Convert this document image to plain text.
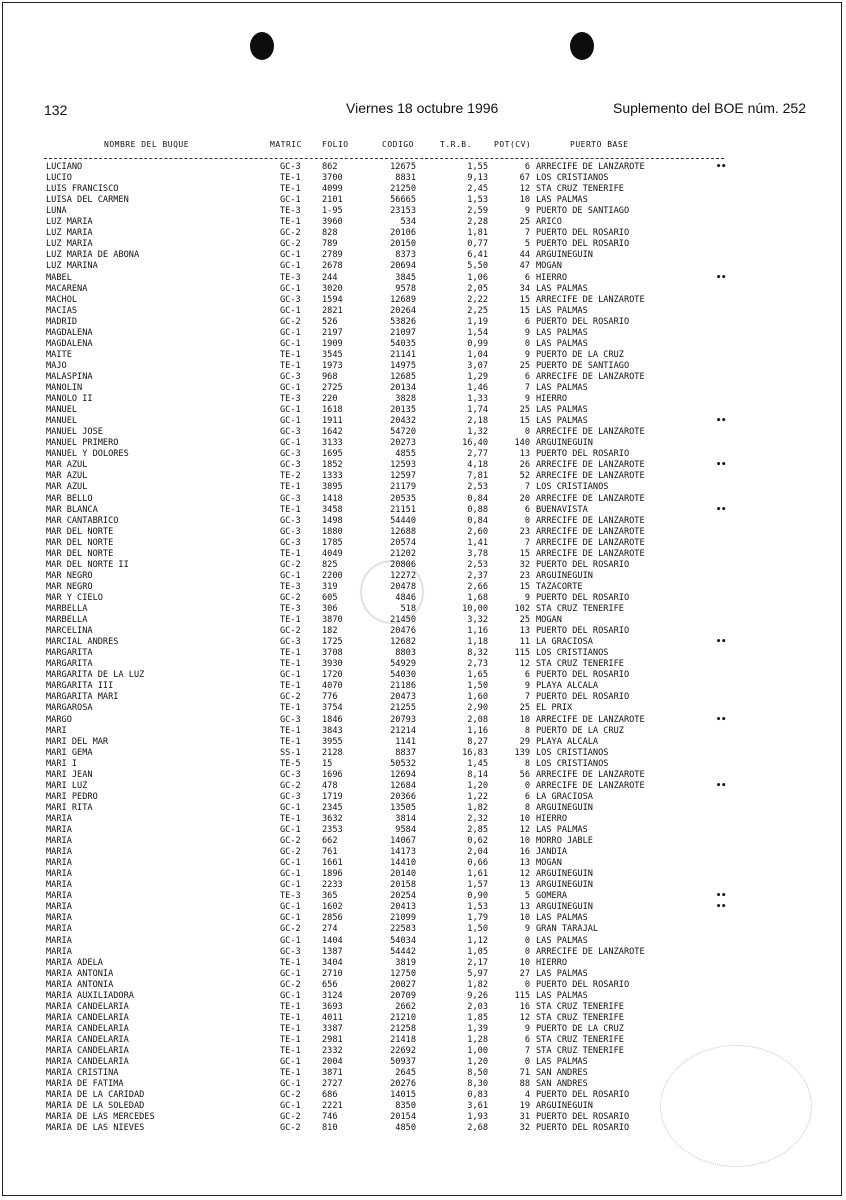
132	Viernes 18 octubre 1996	Suplemento del BOE núm. 252
NOMBRE DEL BUQUE	MATRIC	FOLIO	CODIGO	T.R.B.	POT(CV)	PUERTO BASE
LUCIANO	GC-3 862	12675	1,55	6 ARRECIFE DE LANZAROTE	••
LUCIO	TE-1 3700	8831	9,13	67 LOS CRISTIANOS
LUIS FRANCISCO	TE-1 4099	21250	2,45	12 STA CRUZ TENERIFE
LUISA DEL CARMEN	GC-1 2101	56665	1,53	10 LAS PALMAS
LUNA	TE-3 1-95	23153	2,59	9 PUERTO DE SANTIAGO
LUZ MARIA	TE-1 3960	534	2,28	25 ARICO
LUZ MARIA	GC-2 828	20106	1,81	7 PUERTO DEL ROSARIO
LUZ MARIA	GC-2 789	20150	0,77	5 PUERTO DEL ROSARIO
LUZ MARIA DE ABONA	GC-1 2789	8373	6,41	44 ARGUINEGUIN
LUZ MARINA	GC-1 2678	20694	5,50	47 MOGAN
MABEL	TE-3 244	3845	1,06	6 HIERRO	••
MACARENA	GC-1 3020	9578	2,05	34 LAS PALMAS
MACHOL	GC-3 1594	12689	2,22	15 ARRECIFE DE LANZAROTE
MACIAS	GC-1 2821	20264	2,25	15 LAS PALMAS
MADRID	GC-2 526	53826	1,19	6 PUERTO DEL ROSARIO
MAGDALENA	GC-1 2197	21097	1,54	9 LAS PALMAS
MAGDALENA	GC-1 1909	54035	0,99	0 LAS PALMAS
MAITE	TE-1 3545	21141	1,04	9 PUERTO DE LA CRUZ
MAJO	TE-1 1973	14975	3,07	25 PUERTO DE SANTIAGO
MALASPINA	GC-3 968	12685	1,29	6 ARRECIFE DE LANZAROTE
MANOLIN	GC-1 2725	20134	1,46	7 LAS PALMAS
MANOLO II	TE-3 220	3828	1,33	9 HIERRO
MANUEL	GC-1 1618	20135	1,74	25 LAS PALMAS
MANUEL	GC-1 1911	20432	2,18	15 LAS PALMAS	••
MANUEL JOSE	GC-3 1642	54720	1,32	0 ARRECIFE DE LANZAROTE
MANUEL PRIMERO	GC-1 3133	20273	16,40	140 ARGUINEGUIN
MANUEL Y DOLORES	GC-3 1695	4855	2,77	13 PUERTO DEL ROSARIO
MAR AZUL	GC-3 1852	12593	4,18	26 ARRECIFE DE LANZAROTE	••
MAR AZUL	TE-2 1333	12597	7,81	52 ARRECIFE DE LANZAROTE
MAR AZUL	TE-1 3895	21179	2,53	7 LOS CRISTIANOS
MAR BELLO	GC-3 1418	20535	0,84	20 ARRECIFE DE LANZAROTE
MAR BLANCA	TE-1 3458	21151	0,88	6 BUENAVISTA	••
MAR CANTABRICO	GC-3 1498	54440	0,84	0 ARRECIFE DE LANZAROTE
MAR DEL NORTE	GC-3 1880	12688	2,60	23 ARRECIFE DE LANZAROTE
MAR DEL NORTE	GC-3 1785	20574	1,41	7 ARRECIFE DE LANZAROTE
MAR DEL NORTE	TE-1 4049	21202	3,78	15 ARRECIFE DE LANZAROTE
MAR DEL NORTE II	GC-2 825	20806	2,53	32 PUERTO DEL ROSARIO
MAR NEGRO	GC-1 2200	12272	2,37	23 ARGUINEGUIN
MAR NEGRO	TE-3 319	20478	2,66	15 TAZACORTE
MAR Y CIELO	GC-2 605	4846	1,68	9 PUERTO DEL ROSARIO
MARBELLA	TE-3 306	518	10,00	102 STA CRUZ TENERIFE
MARBELLA	TE-1 3870	21450	3,32	25 MOGAN
MARCELINA	GC-2 182	20476	1,16	13 PUERTO DEL ROSARIO
MARCIAL ANDRES	GC-3 1725	12682	1,18	11 LA GRACIOSA	••
MARGARITA	TE-1 3708	8803	8,32	115 LOS CRISTIANOS
MARGARITA	TE-1 3930	54929	2,73	12 STA CRUZ TENERIFE
MARGARITA DE LA LUZ	GC-1 1720	54030	1,65	6 PUERTO DEL ROSARIO
MARGARITA III	TE-1 4070	21186	1,50	9 PLAYA ALCALA
MARGARITA MARI	GC-2 776	20473	1,60	7 PUERTO DEL ROSARIO
MARGAROSA	TE-1 3754	21255	2,90	25 EL PRIX
MARGO	GC-3 1846	20793	2,08	10 ARRECIFE DE LANZAROTE	••
MARI	TE-1 3843	21214	1,16	8 PUERTO DE LA CRUZ
MARI DEL MAR	TE-1 3955	1141	8,27	29 PLAYA ALCALA
MARI GEMA	SS-1 2128	8837	16,83	139 LOS CRISTIANOS
MARI I	TE-5 15	50532	1,45	8 LOS CRISTIANOS
MARI JEAN	GC-3 1696	12694	8,14	56 ARRECIFE DE LANZAROTE
MARI LUZ	GC-2 478	12684	1,20	0 ARRECIFE DE LANZAROTE	••
MARI PEDRO	GC-3 1719	20366	1,22	6 LA GRACIOSA
MARI RITA	GC-1 2345	13505	1,82	8 ARGUINEGUIN
MARIA	TE-1 3632	3814	2,32	10 HIERRO
MARIA	GC-1 2353	9584	2,85	12 LAS PALMAS
MARIA	GC-2 662	14067	0,62	10 MORRO JABLE
MARIA	GC-2 761	14173	2,04	16 JANDIA
MARIA	GC-1 1661	14410	0,66	13 MOGAN
MARIA	GC-1 1896	20140	1,61	12 ARGUINEGUIN
MARIA	GC-1 2233	20158	1,57	13 ARGUINEGUIN
MARIA	TE-3 365	20254	0,90	5 GOMERA	••
MARIA	GC-1 1602	20413	1,53	13 ARGUINEGUIN	••
MARIA	GC-1 2856	21099	1,79	10 LAS PALMAS
MARIA	GC-2 274	22583	1,50	9 GRAN TARAJAL
MARIA	GC-1 1404	54034	1,12	0 LAS PALMAS
MARIA	GC-3 1387	54442	1,05	0 ARRECIFE DE LANZAROTE
MARIA ADELA	TE-1 3404	3819	2,17	10 HIERRO
MARIA ANTONIA	GC-1 2710	12750	5,97	27 LAS PALMAS
MARIA ANTONIA	GC-2 656	20027	1,82	0 PUERTO DEL ROSARIO
MARIA AUXILIADORA	GC-1 3124	20709	9,26	115 LAS PALMAS
MARIA CANDELARIA	TE-1 3693	2662	2,03	16 STA CRUZ TENERIFE
MARIA CANDELARIA	TE-1 4011	21210	1,85	12 STA CRUZ TENERIFE
MARIA CANDELARIA	TE-1 3387	21258	1,39	9 PUERTO DE LA CRUZ
MARIA CANDELARIA	TE-1 2981	21418	1,28	6 STA CRUZ TENERIFE
MARIA CANDELARIA	TE-1 2332	22692	1,00	7 STA CRUZ TENERIFE
MARIA CANDELARIA	GC-1 2004	50937	1,20	0 LAS PALMAS
MARIA CRISTINA	TE-1 3871	2645	8,50	71 SAN ANDRES
MARIA DE FATIMA	GC-1 2727	20276	8,30	88 SAN ANDRES
MARIA DE LA CARIDAD	GC-2 686	14015	0,83	4 PUERTO DEL ROSARIO
MARIA DE LA SOLEDAD	GC-1 2221	8350	3,61	19 ARGUINEGUIN
MARIA DE LAS MERCEDES	GC-2 746	20154	1,93	31 PUERTO DEL ROSARIO
MARIA DE LAS NIEVES	GC-2 810	4850	2,68	32 PUERTO DEL ROSARIO
